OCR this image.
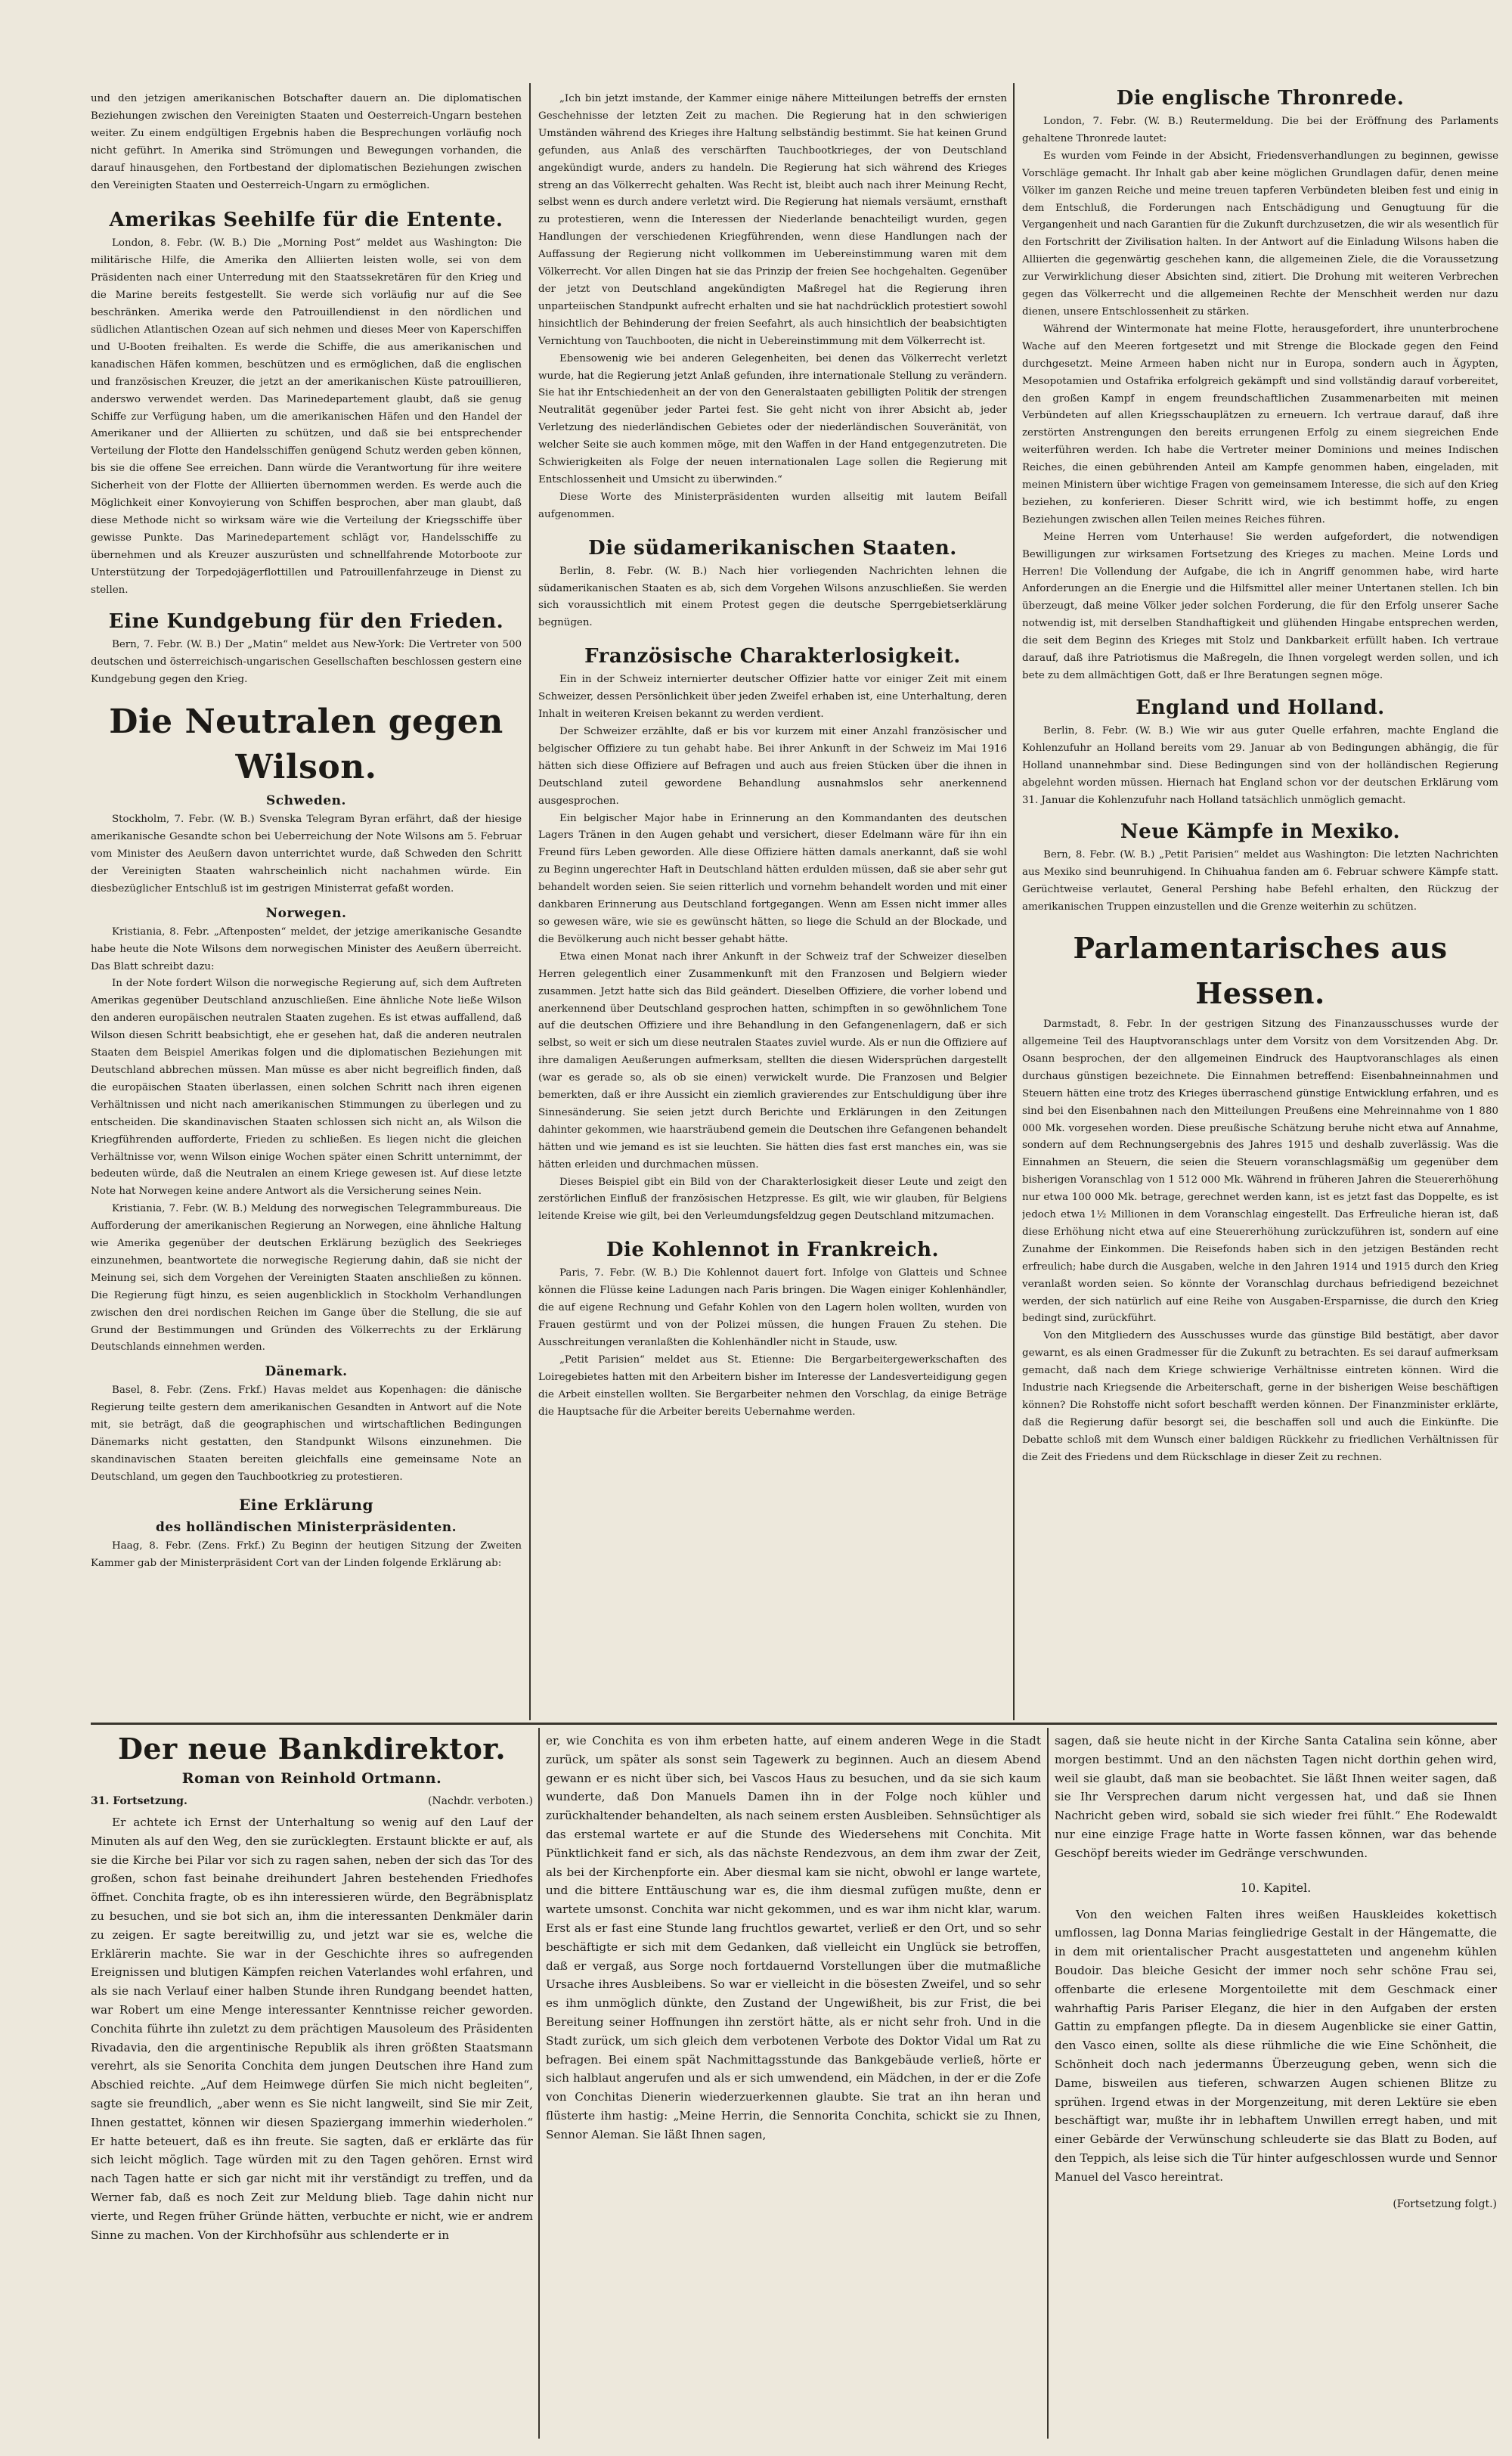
und den jetzigen amerikanischen Botschafter dauern an. Die diplomatischen Beziehungen zwischen den Vereinigten Staaten und Oesterreich-Ungarn bestehen weiter. Zu einem endgültigen Ergebnis haben die Besprechungen vorläufig noch nicht geführt. In Amerika sind Strömungen und Bewegungen vorhanden, die darauf hinausgehen, den Fortbestand der diplomatischen Beziehungen zwischen den Vereinigten Staaten und Oesterreich-Ungarn zu ermöglichen.

Amerikas Seehilfe für die Entente.

London, 8. Febr. (W. B.) Die „Morning Post“ meldet aus Washington: Die militärische Hilfe, die Amerika den Alliierten leisten wolle, sei von dem Präsidenten nach einer Unterredung mit den Staatssekretären für den Krieg und die Marine bereits festgestellt. Sie werde sich vorläufig nur auf die See beschränken. Amerika werde den Patrouillendienst in den nördlichen und südlichen Atlantischen Ozean auf sich nehmen und dieses Meer von Kaperschiffen und U-Booten freihalten. Es werde die Schiffe, die aus amerikanischen und kanadischen Häfen kommen, beschützen und es ermöglichen, daß die englischen und französischen Kreuzer, die jetzt an der amerikanischen Küste patrouillieren, anderswo verwendet werden. Das Marinedepartement glaubt, daß sie genug Schiffe zur Verfügung haben, um die amerikanischen Häfen und den Handel der Amerikaner und der Alliierten zu schützen, und daß sie bei entsprechender Verteilung der Flotte den Handelsschiffen genügend Schutz werden geben können, bis sie die offene See erreichen. Dann würde die Verantwortung für ihre weitere Sicherheit von der Flotte der Alliierten übernommen werden. Es werde auch die Möglichkeit einer Konvoyierung von Schiffen besprochen, aber man glaubt, daß diese Methode nicht so wirksam wäre wie die Verteilung der Kriegsschiffe über gewisse Punkte. Das Marinedepartement schlägt vor, Handelsschiffe zu übernehmen und als Kreuzer auszurüsten und schnellfahrende Motorboote zur Unterstützung der Torpedojägerflottillen und Patrouillenfahrzeuge in Dienst zu stellen.

Eine Kundgebung für den Frieden.

Bern, 7. Febr. (W. B.) Der „Matin“ meldet aus New-York: Die Vertreter von 500 deutschen und österreichisch-ungarischen Gesellschaften beschlossen gestern eine Kundgebung gegen den Krieg.

Die Neutralen gegen Wilson.

Schweden.

Stockholm, 7. Febr. (W. B.) Svenska Telegram Byran erfährt, daß der hiesige amerikanische Gesandte schon bei Ueberreichung der Note Wilsons am 5. Februar vom Minister des Aeußern davon unterrichtet wurde, daß Schweden den Schritt der Vereinigten Staaten wahrscheinlich nicht nachahmen würde. Ein diesbezüglicher Entschluß ist im gestrigen Ministerrat gefaßt worden.

Norwegen.

Kristiania, 8. Febr. „Aftenposten“ meldet, der jetzige amerikanische Gesandte habe heute die Note Wilsons dem norwegischen Minister des Aeußern überreicht. Das Blatt schreibt dazu:

In der Note fordert Wilson die norwegische Regierung auf, sich dem Auftreten Amerikas gegenüber Deutschland anzuschließen. Eine ähnliche Note ließe Wilson den anderen europäischen neutralen Staaten zugehen. Es ist etwas auffallend, daß Wilson diesen Schritt beabsichtigt, ehe er gesehen hat, daß die anderen neutralen Staaten dem Beispiel Amerikas folgen und die diplomatischen Beziehungen mit Deutschland abbrechen müssen. Man müsse es aber nicht begreiflich finden, daß die europäischen Staaten überlassen, einen solchen Schritt nach ihren eigenen Verhältnissen und nicht nach amerikanischen Stimmungen zu überlegen und zu entscheiden. Die skandinavischen Staaten schlossen sich nicht an, als Wilson die Kriegführenden aufforderte, Frieden zu schließen. Es liegen nicht die gleichen Verhältnisse vor, wenn Wilson einige Wochen später einen Schritt unternimmt, der bedeuten würde, daß die Neutralen an einem Kriege gewesen ist. Auf diese letzte Note hat Norwegen keine andere Antwort als die Versicherung seines Nein.

Kristiania, 7. Febr. (W. B.) Meldung des norwegischen Telegrammbureaus. Die Aufforderung der amerikanischen Regierung an Norwegen, eine ähnliche Haltung wie Amerika gegenüber der deutschen Erklärung bezüglich des Seekrieges einzunehmen, beantwortete die norwegische Regierung dahin, daß sie nicht der Meinung sei, sich dem Vorgehen der Vereinigten Staaten anschließen zu können. Die Regierung fügt hinzu, es seien augenblicklich in Stockholm Verhandlungen zwischen den drei nordischen Reichen im Gange über die Stellung, die sie auf Grund der Bestimmungen und Gründen des Völkerrechts zu der Erklärung Deutschlands einnehmen werden.

Dänemark.

Basel, 8. Febr. (Zens. Frkf.) Havas meldet aus Kopenhagen: die dänische Regierung teilte gestern dem amerikanischen Gesandten in Antwort auf die Note mit, sie beträgt, daß die geographischen und wirtschaftlichen Bedingungen Dänemarks nicht gestatten, den Standpunkt Wilsons einzunehmen. Die skandinavischen Staaten bereiten gleichfalls eine gemeinsame Note an Deutschland, um gegen den Tauchbootkrieg zu protestieren.

Eine Erklärung

des holländischen Ministerpräsidenten.

Haag, 8. Febr. (Zens. Frkf.) Zu Beginn der heutigen Sitzung der Zweiten Kammer gab der Ministerpräsident Cort van der Linden folgende Erklärung ab:

„Ich bin jetzt imstande, der Kammer einige nähere Mitteilungen betreffs der ernsten Geschehnisse der letzten Zeit zu machen. Die Regierung hat in den schwierigen Umständen während des Krieges ihre Haltung selbständig bestimmt. Sie hat keinen Grund gefunden, aus Anlaß des verschärften Tauchbootkrieges, der von Deutschland angekündigt wurde, anders zu handeln. Die Regierung hat sich während des Krieges streng an das Völkerrecht gehalten. Was Recht ist, bleibt auch nach ihrer Meinung Recht, selbst wenn es durch andere verletzt wird. Die Regierung hat niemals versäumt, ernsthaft zu protestieren, wenn die Interessen der Niederlande benachteiligt wurden, gegen Handlungen der verschiedenen Kriegführenden, wenn diese Handlungen nach der Auffassung der Regierung nicht vollkommen im Uebereinstimmung waren mit dem Völkerrecht. Vor allen Dingen hat sie das Prinzip der freien See hochgehalten. Gegenüber der jetzt von Deutschland angekündigten Maßregel hat die Regierung ihren unparteiischen Standpunkt aufrecht erhalten und sie hat nachdrücklich protestiert sowohl hinsichtlich der Behinderung der freien Seefahrt, als auch hinsichtlich der beabsichtigten Vernichtung von Tauchbooten, die nicht in Uebereinstimmung mit dem Völkerrecht ist.

Ebensowenig wie bei anderen Gelegenheiten, bei denen das Völkerrecht verletzt wurde, hat die Regierung jetzt Anlaß gefunden, ihre internationale Stellung zu verändern. Sie hat ihr Entschiedenheit an der von den Generalstaaten gebilligten Politik der strengen Neutralität gegenüber jeder Partei fest. Sie geht nicht von ihrer Absicht ab, jeder Verletzung des niederländischen Gebietes oder der niederländischen Souveränität, von welcher Seite sie auch kommen möge, mit den Waffen in der Hand entgegenzutreten. Die Schwierigkeiten als Folge der neuen internationalen Lage sollen die Regierung mit Entschlossenheit und Umsicht zu überwinden.“

Diese Worte des Ministerpräsidenten wurden allseitig mit lautem Beifall aufgenommen.

Die südamerikanischen Staaten.

Berlin, 8. Febr. (W. B.) Nach hier vorliegenden Nachrichten lehnen die südamerikanischen Staaten es ab, sich dem Vorgehen Wilsons anzuschließen. Sie werden sich voraussichtlich mit einem Protest gegen die deutsche Sperrgebietserklärung begnügen.

Französische Charakterlosigkeit.

Ein in der Schweiz internierter deutscher Offizier hatte vor einiger Zeit mit einem Schweizer, dessen Persönlichkeit über jeden Zweifel erhaben ist, eine Unterhaltung, deren Inhalt in weiteren Kreisen bekannt zu werden verdient.

Der Schweizer erzählte, daß er bis vor kurzem mit einer Anzahl französischer und belgischer Offiziere zu tun gehabt habe. Bei ihrer Ankunft in der Schweiz im Mai 1916 hätten sich diese Offiziere auf Befragen und auch aus freien Stücken über die ihnen in Deutschland zuteil gewordene Behandlung ausnahmslos sehr anerkennend ausgesprochen.

Ein belgischer Major habe in Erinnerung an den Kommandanten des deutschen Lagers Tränen in den Augen gehabt und versichert, dieser Edelmann wäre für ihn ein Freund fürs Leben geworden. Alle diese Offiziere hätten damals anerkannt, daß sie wohl zu Beginn ungerechter Haft in Deutschland hätten erdulden müssen, daß sie aber sehr gut behandelt worden seien. Sie seien ritterlich und vornehm behandelt worden und mit einer dankbaren Erinnerung aus Deutschland fortgegangen. Wenn am Essen nicht immer alles so gewesen wäre, wie sie es gewünscht hätten, so liege die Schuld an der Blockade, und die Bevölkerung auch nicht besser gehabt hätte.

Etwa einen Monat nach ihrer Ankunft in der Schweiz traf der Schweizer dieselben Herren gelegentlich einer Zusammenkunft mit den Franzosen und Belgiern wieder zusammen. Jetzt hatte sich das Bild geändert. Dieselben Offiziere, die vorher lobend und anerkennend über Deutschland gesprochen hatten, schimpften in so gewöhnlichem Tone auf die deutschen Offiziere und ihre Behandlung in den Gefangenenlagern, daß er sich selbst, so weit er sich um diese neutralen Staates zuviel wurde. Als er nun die Offiziere auf ihre damaligen Aeußerungen aufmerksam, stellten die diesen Widersprüchen dargestellt (war es gerade so, als ob sie einen) verwickelt wurde. Die Franzosen und Belgier bemerkten, daß er ihre Aussicht ein ziemlich gravierendes zur Entschuldigung über ihre Sinnesänderung. Sie seien jetzt durch Berichte und Erklärungen in den Zeitungen dahinter gekommen, wie haarsträubend gemein die Deutschen ihre Gefangenen behandelt hätten und wie jemand es ist sie leuchten. Sie hätten dies fast erst manches ein, was sie hätten erleiden und durchmachen müssen.

Dieses Beispiel gibt ein Bild von der Charakterlosigkeit dieser Leute und zeigt den zerstörlichen Einfluß der französischen Hetzpresse. Es gilt, wie wir glauben, für Belgiens leitende Kreise wie gilt, bei den Verleumdungsfeldzug gegen Deutschland mitzumachen.

Die Kohlennot in Frankreich.

Paris, 7. Febr. (W. B.) Die Kohlennot dauert fort. Infolge von Glatteis und Schnee können die Flüsse keine Ladungen nach Paris bringen. Die Wagen einiger Kohlenhändler, die auf eigene Rechnung und Gefahr Kohlen von den Lagern holen wollten, wurden von Frauen gestürmt und von der Polizei müssen, die hungen Frauen Zu stehen. Die Ausschreitungen veranlaßten die Kohlenhändler nicht in Staude, usw.

„Petit Parisien“ meldet aus St. Etienne: Die Bergarbeitergewerkschaften des Loiregebietes hatten mit den Arbeitern bisher im Interesse der Landesverteidigung gegen die Arbeit einstellen wollten. Sie Bergarbeiter nehmen den Vorschlag, da einige Beträge die Hauptsache für die Arbeiter bereits Uebernahme werden.

Die englische Thronrede.

London, 7. Febr. (W. B.) Reutermeldung. Die bei der Eröffnung des Parlaments gehaltene Thronrede lautet:

Es wurden vom Feinde in der Absicht, Friedensverhandlungen zu beginnen, gewisse Vorschläge gemacht. Ihr Inhalt gab aber keine möglichen Grundlagen dafür, denen meine Völker im ganzen Reiche und meine treuen tapferen Verbündeten bleiben fest und einig in dem Entschluß, die Forderungen nach Entschädigung und Genugtuung für die Vergangenheit und nach Garantien für die Zukunft durchzusetzen, die wir als wesentlich für den Fortschritt der Zivilisation halten. In der Antwort auf die Einladung Wilsons haben die Alliierten die gegenwärtig geschehen kann, die allgemeinen Ziele, die die Voraussetzung zur Verwirklichung dieser Absichten sind, zitiert. Die Drohung mit weiteren Verbrechen gegen das Völkerrecht und die allgemeinen Rechte der Menschheit werden nur dazu dienen, unsere Entschlossenheit zu stärken.

Während der Wintermonate hat meine Flotte, herausgefordert, ihre ununterbrochene Wache auf den Meeren fortgesetzt und mit Strenge die Blockade gegen den Feind durchgesetzt. Meine Armeen haben nicht nur in Europa, sondern auch in Ägypten, Mesopotamien und Ostafrika erfolgreich gekämpft und sind vollständig darauf vorbereitet, den großen Kampf in engem freundschaftlichen Zusammenarbeiten mit meinen Verbündeten auf allen Kriegsschauplätzen zu erneuern. Ich vertraue darauf, daß ihre zerstörten Anstrengungen den bereits errungenen Erfolg zu einem siegreichen Ende weiterführen werden. Ich habe die Vertreter meiner Dominions und meines Indischen Reiches, die einen gebührenden Anteil am Kampfe genommen haben, eingeladen, mit meinen Ministern über wichtige Fragen von gemeinsamem Interesse, die sich auf den Krieg beziehen, zu konferieren. Dieser Schritt wird, wie ich bestimmt hoffe, zu engen Beziehungen zwischen allen Teilen meines Reiches führen.

Meine Herren vom Unterhause! Sie werden aufgefordert, die notwendigen Bewilligungen zur wirksamen Fortsetzung des Krieges zu machen. Meine Lords und Herren! Die Vollendung der Aufgabe, die ich in Angriff genommen habe, wird harte Anforderungen an die Energie und die Hilfsmittel aller meiner Untertanen stellen. Ich bin überzeugt, daß meine Völker jeder solchen Forderung, die für den Erfolg unserer Sache notwendig ist, mit derselben Standhaftigkeit und glühenden Hingabe entsprechen werden, die seit dem Beginn des Krieges mit Stolz und Dankbarkeit erfüllt haben. Ich vertraue darauf, daß ihre Patriotismus die Maßregeln, die Ihnen vorgelegt werden sollen, und ich bete zu dem allmächtigen Gott, daß er Ihre Beratungen segnen möge.

England und Holland.

Berlin, 8. Febr. (W. B.) Wie wir aus guter Quelle erfahren, machte England die Kohlenzufuhr an Holland bereits vom 29. Januar ab von Bedingungen abhängig, die für Holland unannehmbar sind. Diese Bedingungen sind von der holländischen Regierung abgelehnt worden müssen. Hiernach hat England schon vor der deutschen Erklärung vom 31. Januar die Kohlenzufuhr nach Holland tatsächlich unmöglich gemacht.

Neue Kämpfe in Mexiko.

Bern, 8. Febr. (W. B.) „Petit Parisien“ meldet aus Washington: Die letzten Nachrichten aus Mexiko sind beunruhigend. In Chihuahua fanden am 6. Februar schwere Kämpfe statt. Gerüchtweise verlautet, General Pershing habe Befehl erhalten, den Rückzug der amerikanischen Truppen einzustellen und die Grenze weiterhin zu schützen.

Parlamentarisches aus Hessen.

Darmstadt, 8. Febr. In der gestrigen Sitzung des Finanzausschusses wurde der allgemeine Teil des Hauptvoranschlags unter dem Vorsitz von dem Vorsitzenden Abg. Dr. Osann besprochen, der den allgemeinen Eindruck des Hauptvoranschlages als einen durchaus günstigen bezeichnete. Die Einnahmen betreffend: Eisenbahneinnahmen und Steuern hätten eine trotz des Krieges überraschend günstige Entwicklung erfahren, und es sind bei den Eisenbahnen nach den Mitteilungen Preußens eine Mehreinnahme von 1 880 000 Mk. vorgesehen worden. Diese preußische Schätzung beruhe nicht etwa auf Annahme, sondern auf dem Rechnungsergebnis des Jahres 1915 und deshalb zuverlässig. Was die Einnahmen an Steuern, die seien die Steuern voranschlagsmäßig um gegenüber dem bisherigen Voranschlag von 1 512 000 Mk. Während in früheren Jahren die Steuererhöhung nur etwa 100 000 Mk. betrage, gerechnet werden kann, ist es jetzt fast das Doppelte, es ist jedoch etwa 1½ Millionen in dem Voranschlag eingestellt. Das Erfreuliche hieran ist, daß diese Erhöhung nicht etwa auf eine Steuererhöhung zurückzuführen ist, sondern auf eine Zunahme der Einkommen. Die Reisefonds haben sich in den jetzigen Beständen recht erfreulich; habe durch die Ausgaben, welche in den Jahren 1914 und 1915 durch den Krieg veranlaßt worden seien. So könnte der Voranschlag durchaus befriedigend bezeichnet werden, der sich natürlich auf eine Reihe von Ausgaben-Ersparnisse, die durch den Krieg bedingt sind, zurückführt.

Von den Mitgliedern des Ausschusses wurde das günstige Bild bestätigt, aber davor gewarnt, es als einen Gradmesser für die Zukunft zu betrachten. Es sei darauf aufmerksam gemacht, daß nach dem Kriege schwierige Verhältnisse eintreten können. Wird die Industrie nach Kriegsende die Arbeiterschaft, gerne in der bisherigen Weise beschäftigen können? Die Rohstoffe nicht sofort beschafft werden können. Der Finanzminister erklärte, daß die Regierung dafür besorgt sei, die beschaffen soll und auch die Einkünfte. Die Debatte schloß mit dem Wunsch einer baldigen Rückkehr zu friedlichen Verhältnissen für die Zeit des Friedens und dem Rückschlage in dieser Zeit zu rechnen.

Der neue Bankdirektor.

Roman von Reinhold Ortmann.

31. Fortsetzung.	(Nachdr. verboten.)

Er achtete ich Ernst der Unterhaltung so wenig auf den Lauf der Minuten als auf den Weg, den sie zurücklegten. Erstaunt blickte er auf, als sie die Kirche bei Pilar vor sich zu ragen sahen, neben der sich das Tor des großen, schon fast beinahe dreihundert Jahren bestehenden Friedhofes öffnet. Conchita fragte, ob es ihn interessieren würde, den Begräbnisplatz zu besuchen, und sie bot sich an, ihm die interessanten Denkmäler darin zu zeigen. Er sagte bereitwillig zu, und jetzt war sie es, welche die Erklärerin machte. Sie war in der Geschichte ihres so aufregenden Ereignissen und blutigen Kämpfen reichen Vaterlandes wohl erfahren, und als sie nach Verlauf einer halben Stunde ihren Rundgang beendet hatten, war Robert um eine Menge interessanter Kenntnisse reicher geworden. Conchita führte ihn zuletzt zu dem prächtigen Mausoleum des Präsidenten Rivadavia, den die argentinische Republik als ihren größten Staatsmann verehrt, als sie Senorita Conchita dem jungen Deutschen ihre Hand zum Abschied reichte. „Auf dem Heimwege dürfen Sie mich nicht begleiten“, sagte sie freundlich, „aber wenn es Sie nicht langweilt, sind Sie mir Zeit, Ihnen gestattet, können wir diesen Spaziergang immerhin wiederholen.“ Er hatte beteuert, daß es ihn freute. Sie sagten, daß er erklärte das für sich leicht möglich. Tage würden mit zu den Tagen gehören. Ernst wird nach Tagen hatte er sich gar nicht mit ihr verständigt zu treffen, und da Werner fab, daß es noch Zeit zur Meldung blieb. Tage dahin nicht nur vierte, und Regen früher Gründe hätten, verbuchte er nicht, wie er andrem Sinne zu machen. Von der Kirchhofsühr aus schlenderte er in

er, wie Conchita es von ihm erbeten hatte, auf einem anderen Wege in die Stadt zurück, um später als sonst sein Tagewerk zu beginnen. Auch an diesem Abend gewann er es nicht über sich, bei Vascos Haus zu besuchen, und da sie sich kaum wunderte, daß Don Manuels Damen ihn in der Folge noch kühler und zurückhaltender behandelten, als nach seinem ersten Ausbleiben. Sehnsüchtiger als das erstemal wartete er auf die Stunde des Wiedersehens mit Conchita. Mit Pünktlichkeit fand er sich, als das nächste Rendezvous, an dem ihm zwar der Zeit, als bei der Kirchenpforte ein. Aber diesmal kam sie nicht, obwohl er lange wartete, und die bittere Enttäuschung war es, die ihm diesmal zufügen mußte, denn er wartete umsonst. Conchita war nicht gekommen, und es war ihm nicht klar, warum. Erst als er fast eine Stunde lang fruchtlos gewartet, verließ er den Ort, und so sehr beschäftigte er sich mit dem Gedanken, daß vielleicht ein Unglück sie betroffen, daß er vergaß, aus Sorge noch fortdauernd Vorstellungen über die mutmaßliche Ursache ihres Ausbleibens. So war er vielleicht in die bösesten Zweifel, und so sehr es ihm unmöglich dünkte, den Zustand der Ungewißheit, bis zur Frist, die bei Bereitung seiner Hoffnungen ihn zerstört hätte, als er nicht sehr froh. Und in die Stadt zurück, um sich gleich dem verbotenen Verbote des Doktor Vidal um Rat zu befragen. Bei einem spät Nachmittagsstunde das Bankgebäude verließ, hörte er sich halblaut angerufen und als er sich umwendend, ein Mädchen, in der er die Zofe von Conchitas Dienerin wiederzuerkennen glaubte. Sie trat an ihn heran und flüsterte ihm hastig: „Meine Herrin, die Sennorita Conchita, schickt sie zu Ihnen, Sennor Aleman. Sie läßt Ihnen sagen,

sagen, daß sie heute nicht in der Kirche Santa Catalina sein könne, aber morgen bestimmt. Und an den nächsten Tagen nicht dorthin gehen wird, weil sie glaubt, daß man sie beobachtet. Sie läßt Ihnen weiter sagen, daß sie Ihr Versprechen darum nicht vergessen hat, und daß sie Ihnen Nachricht geben wird, sobald sie sich wieder frei fühlt.“ Ehe Rodewaldt nur eine einzige Frage hatte in Worte fassen können, war das behende Geschöpf bereits wieder im Gedränge verschwunden.

10. Kapitel.

Von den weichen Falten ihres weißen Hauskleides kokettisch umflossen, lag Donna Marias feingliedrige Gestalt in der Hängematte, die in dem mit orientalischer Pracht ausgestatteten und angenehm kühlen Boudoir. Das bleiche Gesicht der immer noch sehr schöne Frau sei, offenbarte die erlesene Morgentoilette mit dem Geschmack einer wahrhaftig Paris Pariser Eleganz, die hier in den Aufgaben der ersten Gattin zu empfangen pflegte. Da in diesem Augenblicke sie einer Gattin, den Vasco einen, sollte als diese rühmliche die wie Eine Schönheit, die Schönheit doch nach jedermanns Überzeugung geben, wenn sich die Dame, bisweilen aus tieferen, schwarzen Augen schienen Blitze zu sprühen. Irgend etwas in der Morgenzeitung, mit deren Lektüre sie eben beschäftigt war, mußte ihr in lebhaftem Unwillen erregt haben, und mit einer Gebärde der Verwünschung schleuderte sie das Blatt zu Boden, auf den Teppich, als leise sich die Tür hinter aufgeschlossen wurde und Sennor Manuel del Vasco hereintrat.

(Fortsetzung folgt.)
